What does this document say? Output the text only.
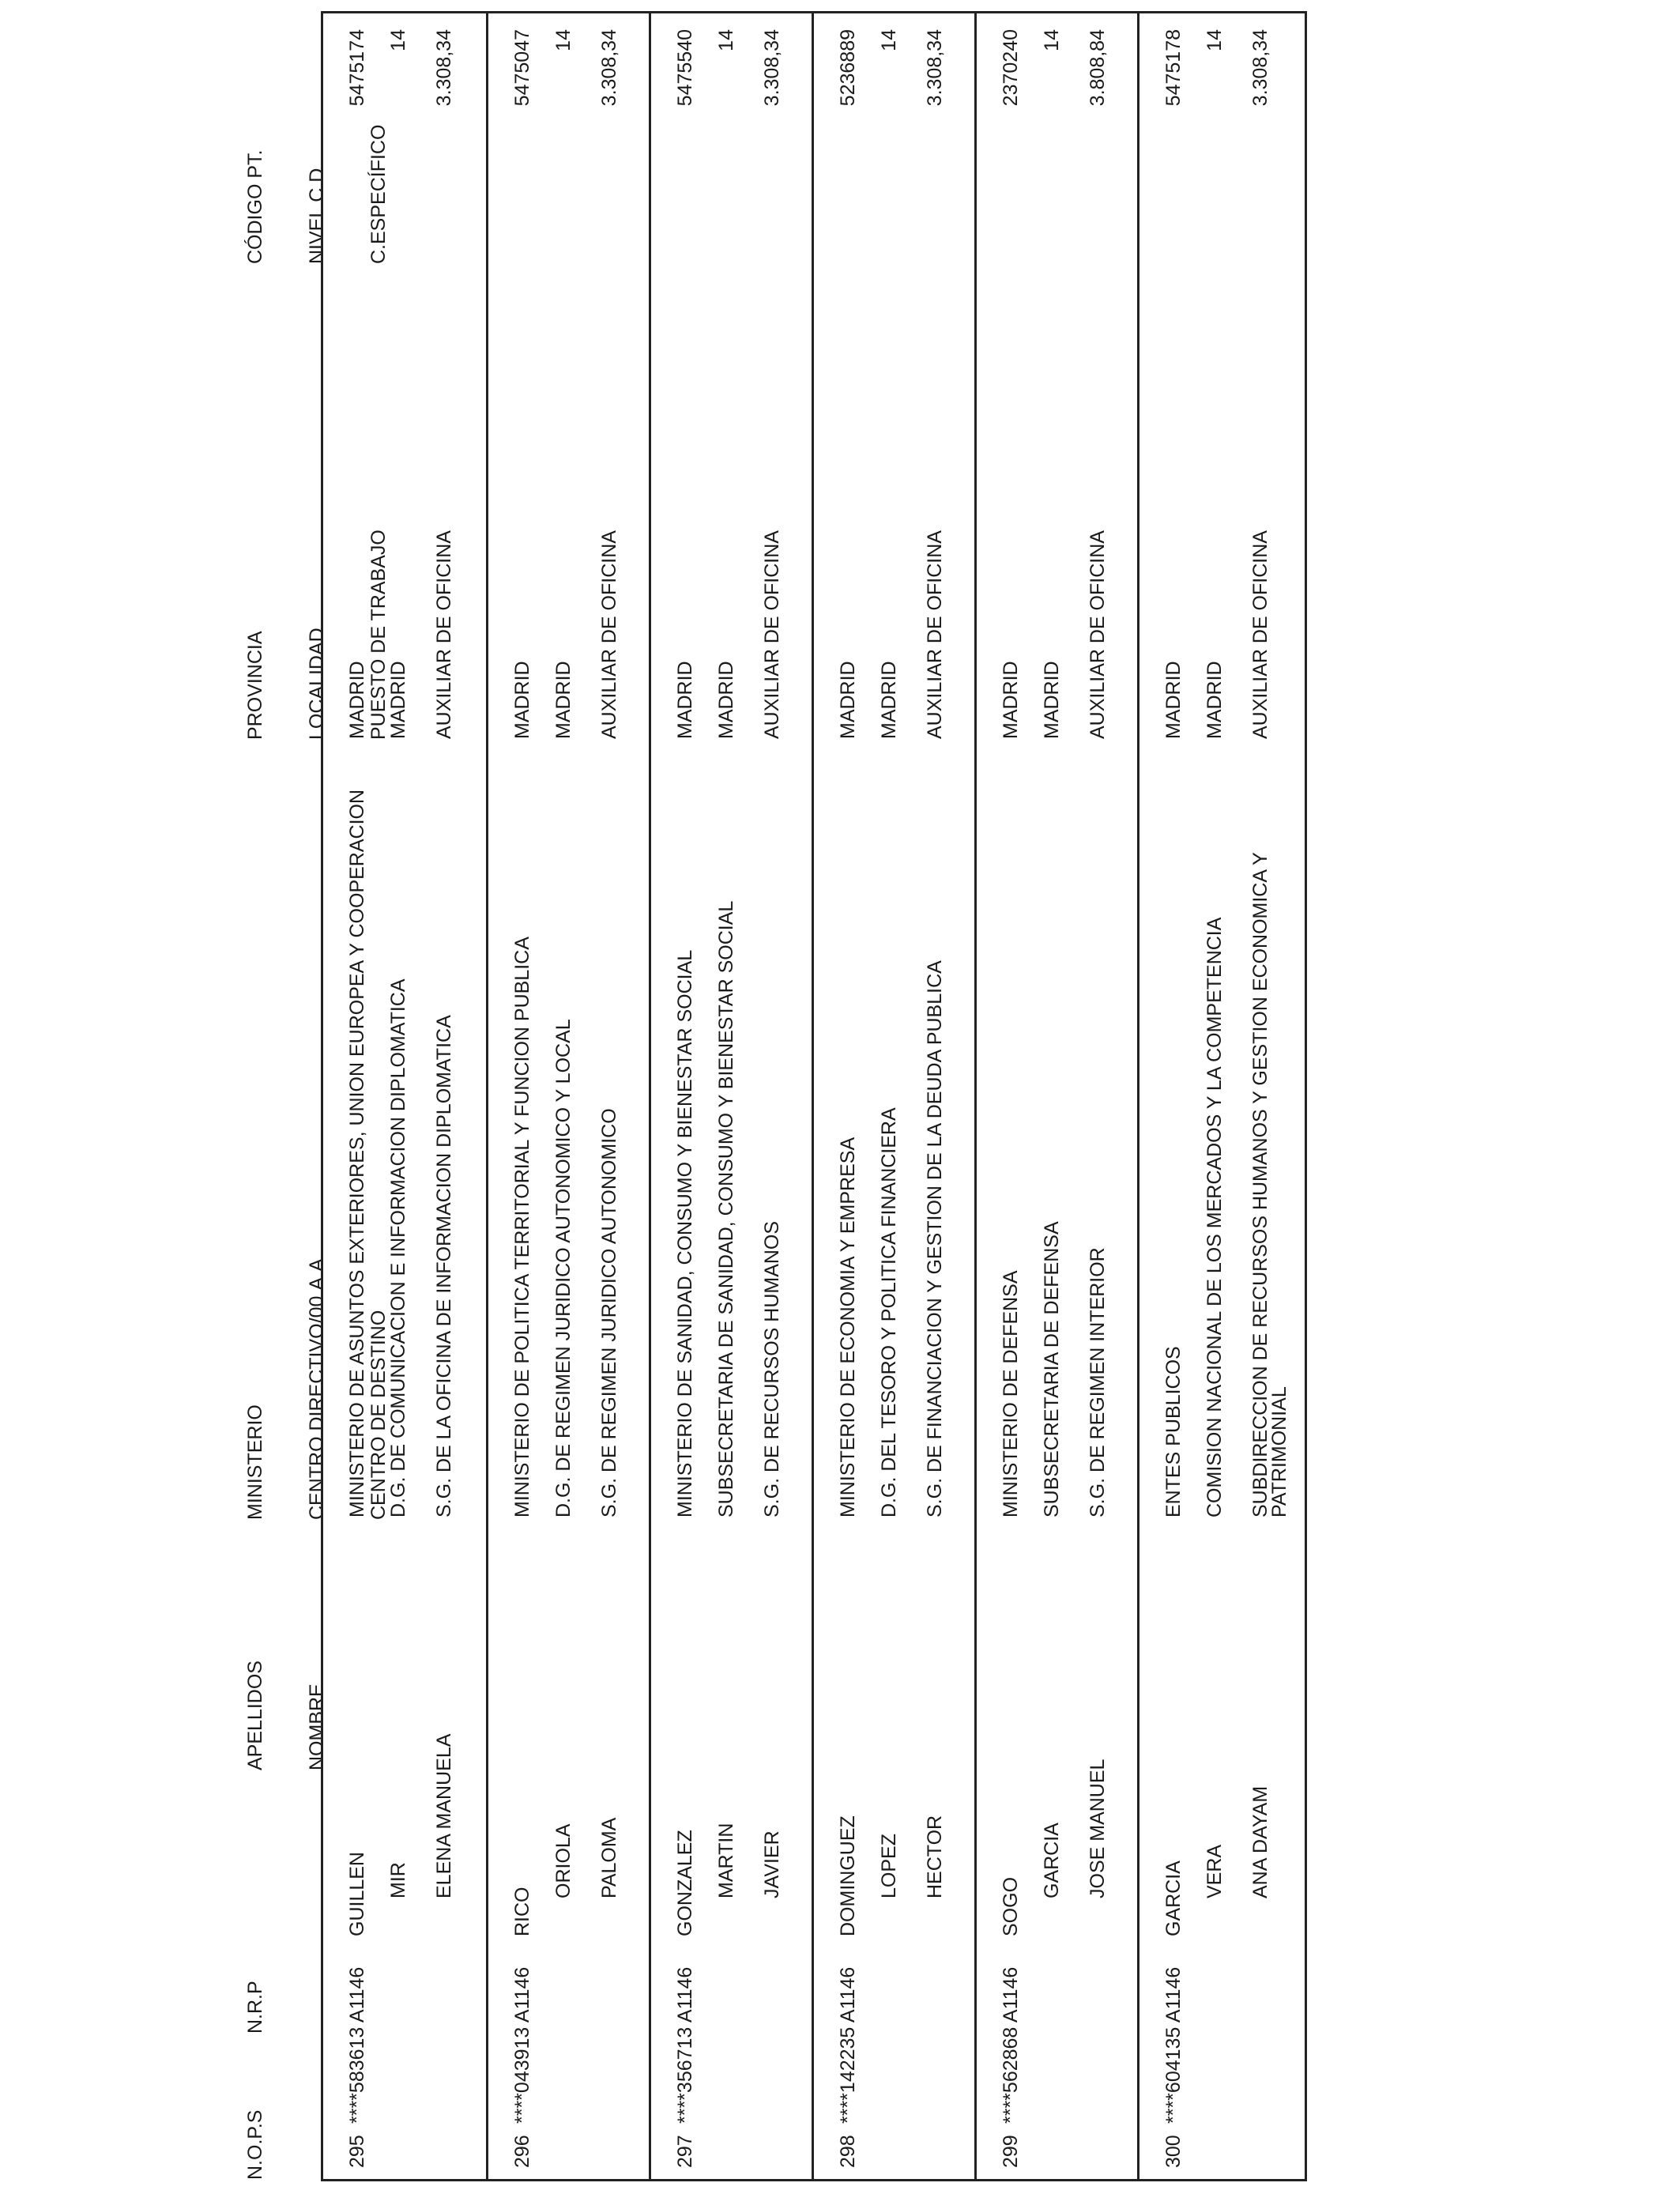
N.O.P.S

N.R.P

APELLIDOS

NOMBRE

MINISTERIO

CENTRO DIRECTIVO/00.A.A

CENTRO DE DESTINO

PROVINCIA

LOCALIDAD

PUESTO DE TRABAJO

CÓDIGO PT.

NIVEL C.D.

C.ESPECÍFICO

295
****583613 A1146
GUILLEN MIR ELENA MANUELA
MINISTERIO DE ASUNTOS EXTERIORES, UNION EUROPEA Y COOPERACION D.G. DE COMUNICACION E INFORMACION DIPLOMATICA S.G. DE LA OFICINA DE INFORMACION DIPLOMATICA
MADRID MADRID AUXILIAR DE OFICINA
5475174 14 3.308,34
296
****043913 A1146
RICO
ORIOLA PALOMA
MINISTERIO DE POLITICA TERRITORIAL Y FUNCION PUBLICA D.G. DE REGIMEN JURIDICO AUTONOMICO Y LOCAL S.G. DE REGIMEN JURIDICO AUTONOMICO
MADRID MADRID AUXILIAR DE OFICINA
5475047 14 3.308,34
297
****356713 A1146
GONZALEZ MARTIN JAVIER
MINISTERIO DE SANIDAD, CONSUMO Y BIENESTAR SOCIAL SUBSECRETARIA DE SANIDAD, CONSUMO Y BIENESTAR SOCIAL S.G. DE RECURSOS HUMANOS
MADRID MADRID AUXILIAR DE OFICINA
5475540 14 3.308,34
298
****142235 A1146
DOMINGUEZ LOPEZ HECTOR
MINISTERIO DE ECONOMIA Y EMPRESA D.G. DEL TESORO Y POLITICA FINANCIERA S.G. DE FINANCIACION Y GESTION DE LA DEUDA PUBLICA
MADRID MADRID AUXILIAR DE OFICINA
5236889 14 3.308,34
299
****562868 A1146
SOGO
GARCIA JOSE MANUEL
MINISTERIO DE DEFENSA SUBSECRETARIA DE DEFENSA S.G. DE REGIMEN INTERIOR
MADRID MADRID AUXILIAR DE OFICINA
2370240 14 3.808,84
300
****604135 A1146
GARCIA VERA ANA DAYAM
ENTES PUBLICOS COMISION NACIONAL DE LOS MERCADOS Y LA COMPETENCIA SUBDIRECCION DE RECURSOS HUMANOS Y GESTION ECONOMICA Y
PATRIMONIAL
MADRID MADRID AUXILIAR DE OFICINA
5475178 14 3.308,34
